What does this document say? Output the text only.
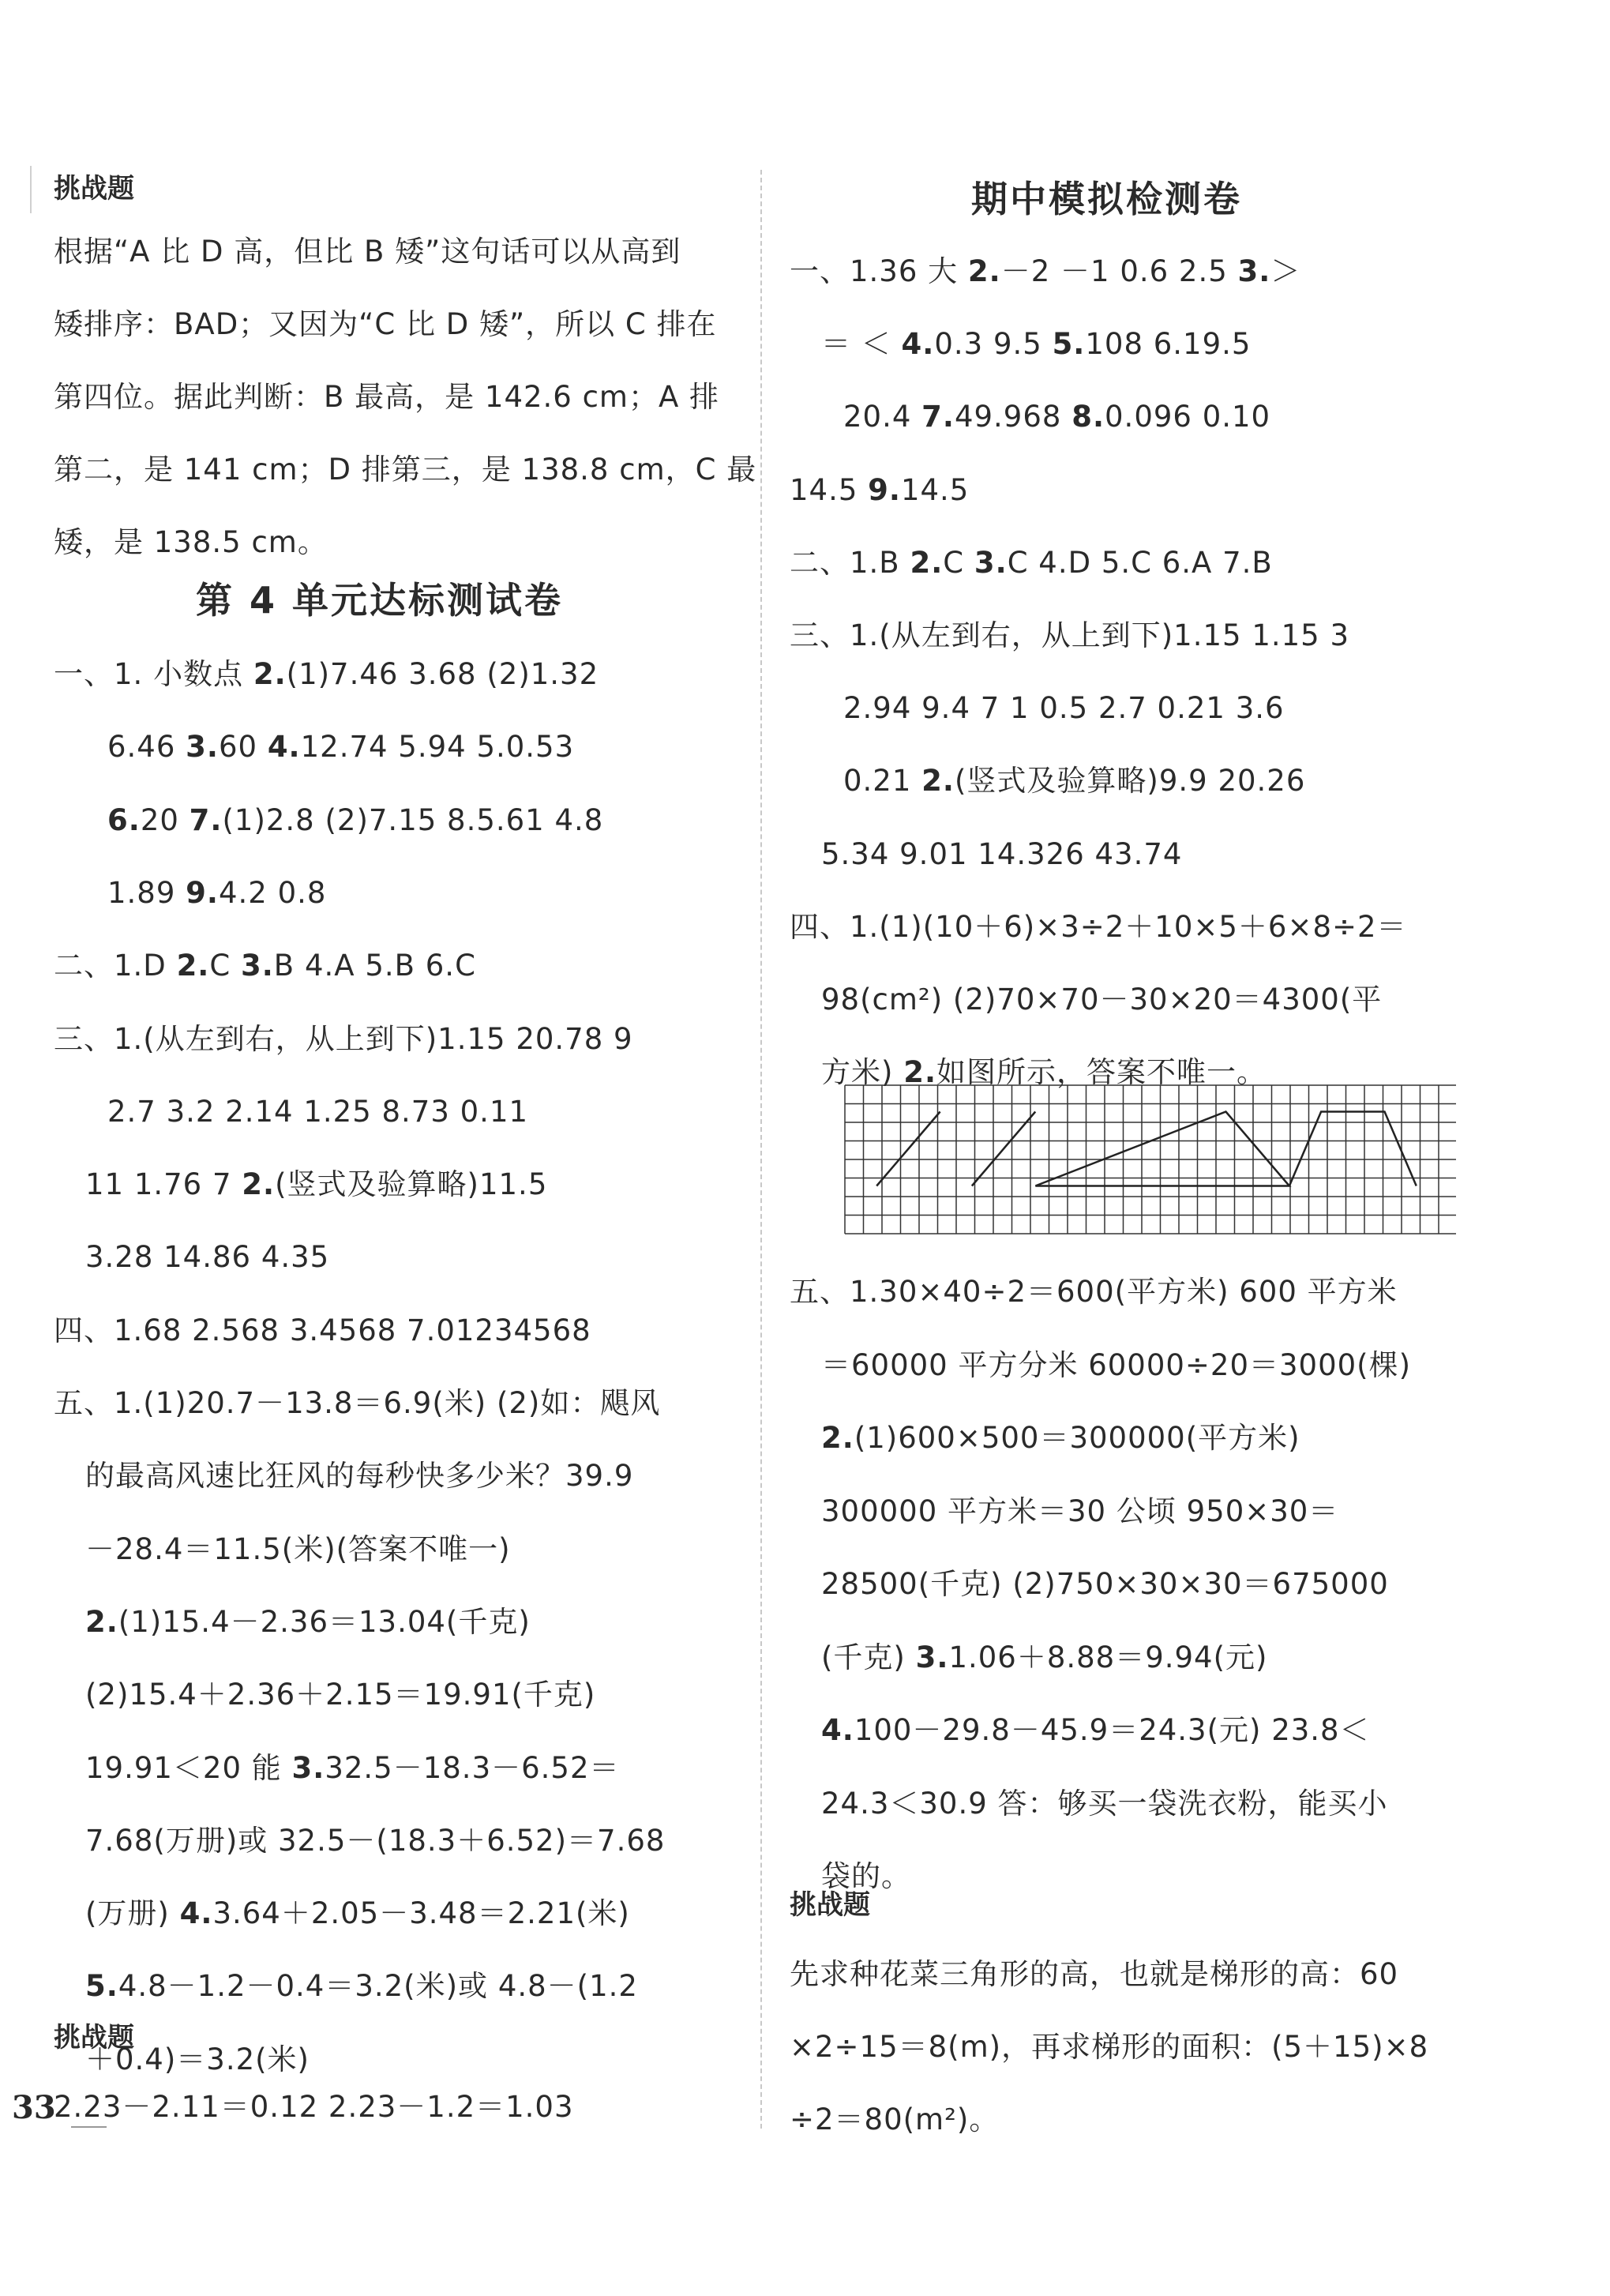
挑战题
根据“A 比 D 高，但比 B 矮”这句话可以从高到
矮排序：BAD；又因为“C 比 D 矮”，所以 C 排在
第四位。据此判断：B 最高，是 142.6 cm；A 排
第二，是 141 cm；D 排第三，是 138.8 cm，C 最
矮，是 138.5 cm。
第 4 单元达标测试卷
一、1. 小数点 2.(1)7.46 3.68 (2)1.32
6.46 3.60 4.12.74 5.94 5.0.53
6.20 7.(1)2.8 (2)7.15 8.5.61 4.8
1.89 9.4.2 0.8
二、1.D 2.C 3.B 4.A 5.B 6.C
三、1.(从左到右，从上到下)1.15 20.78 9
2.7 3.2 2.14 1.25 8.73 0.11
11 1.76 7 2.(竖式及验算略)11.5
3.28 14.86 4.35
四、1.68 2.568 3.4568 7.01234568
五、1.(1)20.7－13.8＝6.9(米) (2)如：飓风
的最高风速比狂风的每秒快多少米？39.9
－28.4＝11.5(米)(答案不唯一)
2.(1)15.4－2.36＝13.04(千克)
(2)15.4＋2.36＋2.15＝19.91(千克)
19.91＜20 能 3.32.5－18.3－6.52＝
7.68(万册)或 32.5－(18.3＋6.52)＝7.68
(万册) 4.3.64＋2.05－3.48＝2.21(米)
5.4.8－1.2－0.4＝3.2(米)或 4.8－(1.2
＋0.4)＝3.2(米)
挑战题
2.23－2.11＝0.12 2.23－1.2＝1.03
33
期中模拟检测卷
一、1.36 大 2.－2 －1 0.6 2.5 3.＞
＝ ＜ 4.0.3 9.5 5.108 6.19.5
20.4 7.49.968 8.0.096 0.10
14.5 9.14.5
二、1.B 2.C 3.C 4.D 5.C 6.A 7.B
三、1.(从左到右，从上到下)1.15 1.15 3
2.94 9.4 7 1 0.5 2.7 0.21 3.6
0.21 2.(竖式及验算略)9.9 20.26
5.34 9.01 14.326 43.74
四、1.(1)(10＋6)×3÷2＋10×5＋6×8÷2＝
98(cm²) (2)70×70－30×20＝4300(平
方米) 2.如图所示，答案不唯一。
五、1.30×40÷2＝600(平方米) 600 平方米
＝60000 平方分米 60000÷20＝3000(棵)
2.(1)600×500＝300000(平方米)
300000 平方米＝30 公顷 950×30＝
28500(千克) (2)750×30×30＝675000
(千克) 3.1.06＋8.88＝9.94(元)
4.100－29.8－45.9＝24.3(元) 23.8＜
24.3＜30.9 答：够买一袋洗衣粉，能买小
袋的。
挑战题
先求种花菜三角形的高，也就是梯形的高：60
×2÷15＝8(m)，再求梯形的面积：(5＋15)×8
÷2＝80(m²)。
